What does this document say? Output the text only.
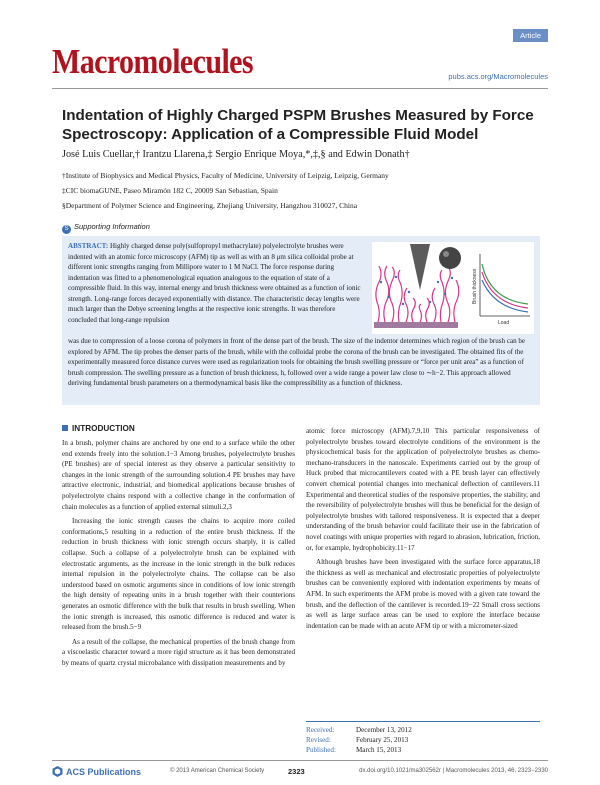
Article
Macromolecules	pubs.acs.org/Macromolecules
Indentation of Highly Charged PSPM Brushes Measured by Force Spectroscopy: Application of a Compressible Fluid Model
José Luis Cuellar,† Irantzu Llarena,‡ Sergio Enrique Moya,*,‡,§ and Edwin Donath†
†Institute of Biophysics and Medical Physics, Faculty of Medicine, University of Leipzig, Leipzig, Germany
‡CIC biomaGUNE, Paseo Miramón 182 C, 20009 San Sebastian, Spain
§Department of Polymer Science and Engineering, Zhejiang University, Hangzhou 310027, China
S Supporting Information
ABSTRACT: Highly charged dense poly(sulfopropyl methacrylate) polyelectrolyte brushes were indented with an atomic force microscopy (AFM) tip as well as with an 8 μm silica colloidal probe at different ionic strengths ranging from Millipore water to 1 M NaCl. The force response during indentation was fitted to a phenomenological equation analogous to the equation of state of a compressible fluid. In this way, internal energy and brush thickness were obtained as a function of ionic strength. Long-range forces decayed exponentially with distance. The characteristic decay lengths were much larger than the Debye screening lengths at the respective ionic strengths. It was therefore concluded that long-range repulsion
was due to compression of a loose corona of polymers in front of the dense part of the brush. The size of the indentor determines which region of the brush can be explored by AFM. The tip probes the denser parts of the brush, while with the colloidal probe the corona of the brush can be investigated. The obtained fits of the experimentally measured force distance curves were used as regularization tools for obtaining the brush swelling pressure or “force per unit area” as a function of brush compression. The swelling pressure as a function of brush thickness, h, followed over a wide range a power law close to ∼h−2. This approach allowed deriving fundamental brush parameters on a thermodynamical basis like the compressibility as a function of thickness.
Brush thickness
Load
INTRODUCTION

In a brush, polymer chains are anchored by one end to a surface while the other end extends freely into the solution.1−3 Among brushes, polyelectrolyte brushes (PE brushes) are of special interest as they observe a particular sensitivity to changes in the ionic strength of the surrounding solution.4 PE brushes may have attractive electronic, industrial, and biomedical applications because brushes of polyelectrolyte chains respond with a collective change in the conformation of chain molecules as a function of applied external stimuli.2,3

Increasing the ionic strength causes the chains to acquire more coiled conformations,5 resulting in a reduction of the entire brush thickness. If the reduction in brush thickness with ionic strength occurs sharply, it is called collapse. Such a collapse of a polyelectrolyte brush can be explained with electrostatic arguments, as the increase in the ionic strength in the bulk reduces internal repulsion in the polyelectrolyte chains. The collapse can be also understood based on osmotic arguments since in conditions of low ionic strength the high density of repeating units in a brush together with their counterions generates an osmotic difference with the bulk that results in brush swelling. When the ionic strength is increased, this osmotic difference is reduced and water is released from the brush.5−9

As a result of the collapse, the mechanical properties of the brush change from a viscoelastic character toward a more rigid structure as it has been demonstrated by means of quartz crystal microbalance with dissipation measurements and by

atomic force microscopy (AFM).7,9,10 This particular responsiveness of polyelectrolyte brushes toward electrolyte conditions of the environment is the physicochemical basis for the application of polyelectrolyte brushes as chemo-mechano-transducers in the nanoscale. Experiments carried out by the group of Huck probed that microcantilevers coated with a PE brush layer can effectively convert chemical potential changes into mechanical deflection of cantilevers.11 Experimental and theoretical studies of the responsive properties, the stability, and the reversibility of polyelectrolyte brushes will thus be beneficial for the design of polyelectrolyte brushes with tailored responsiveness. It is expected that a deeper understanding of the brush behavior could facilitate their use in the fabrication of novel coatings with unique properties with regard to abrasion, lubrication, friction, or, for example, hydrophobicity.11−17

Although brushes have been investigated with the surface force apparatus,18 the thickness as well as mechanical and electrostatic properties of polyelectrolyte brushes can be conveniently explored with indentation experiments by means of AFM. In such experiments the AFM probe is moved with a given rate toward the brush, and the deflection of the cantilever is recorded.19−22 Small cross sections as well as large surface areas can be used to explore the interface because indentation can be made with an acute AFM tip or with a micrometer-sized

Received:	December 13, 2012
Revised:	February 25, 2013
Published:	March 15, 2013
ACS Publications	© 2013 American Chemical Society	2323	dx.doi.org/10.1021/ma302562r | Macromolecules 2013, 46, 2323−2330
